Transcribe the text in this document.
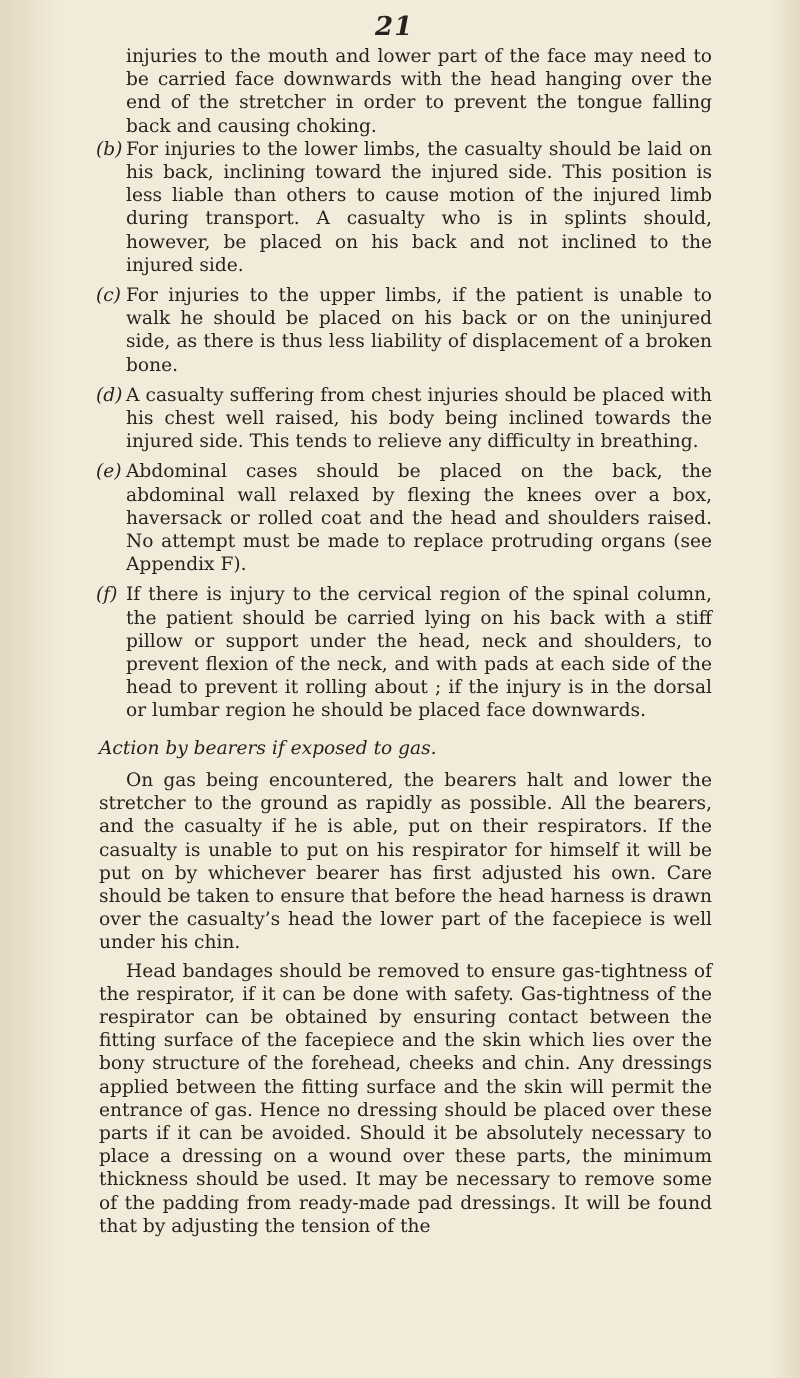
21

injuries to the mouth and lower part of the face may need to be carried face downwards with the head hanging over the end of the stretcher in order to prevent the tongue falling back and causing choking.

(b) For injuries to the lower limbs, the casualty should be laid on his back, inclining toward the injured side. This position is less liable than others to cause motion of the injured limb during transport. A casualty who is in splints should, however, be placed on his back and not inclined to the injured side.
(c) For injuries to the upper limbs, if the patient is unable to walk he should be placed on his back or on the uninjured side, as there is thus less liability of displacement of a broken bone.
(d) A casualty suffering from chest injuries should be placed with his chest well raised, his body being inclined towards the injured side. This tends to relieve any difficulty in breathing.
(e) Abdominal cases should be placed on the back, the abdominal wall relaxed by flexing the knees over a box, haversack or rolled coat and the head and shoulders raised. No attempt must be made to replace protruding organs (see Appendix F).
(f) If there is injury to the cervical region of the spinal column, the patient should be carried lying on his back with a stiff pillow or support under the head, neck and shoulders, to prevent flexion of the neck, and with pads at each side of the head to prevent it rolling about ; if the injury is in the dorsal or lumbar region he should be placed face downwards.
Action by bearers if exposed to gas.

On gas being encountered, the bearers halt and lower the stretcher to the ground as rapidly as possible. All the bearers, and the casualty if he is able, put on their respirators. If the casualty is unable to put on his respirator for himself it will be put on by whichever bearer has first adjusted his own. Care should be taken to ensure that before the head harness is drawn over the casualty’s head the lower part of the facepiece is well under his chin.

Head bandages should be removed to ensure gas-tightness of the respirator, if it can be done with safety. Gas-tightness of the respirator can be obtained by ensuring contact between the fitting surface of the facepiece and the skin which lies over the bony structure of the forehead, cheeks and chin. Any dressings applied between the fitting surface and the skin will permit the entrance of gas. Hence no dressing should be placed over these parts if it can be avoided. Should it be absolutely necessary to place a dressing on a wound over these parts, the minimum thickness should be used. It may be necessary to remove some of the padding from ready-made pad dressings. It will be found that by adjusting the tension of the
